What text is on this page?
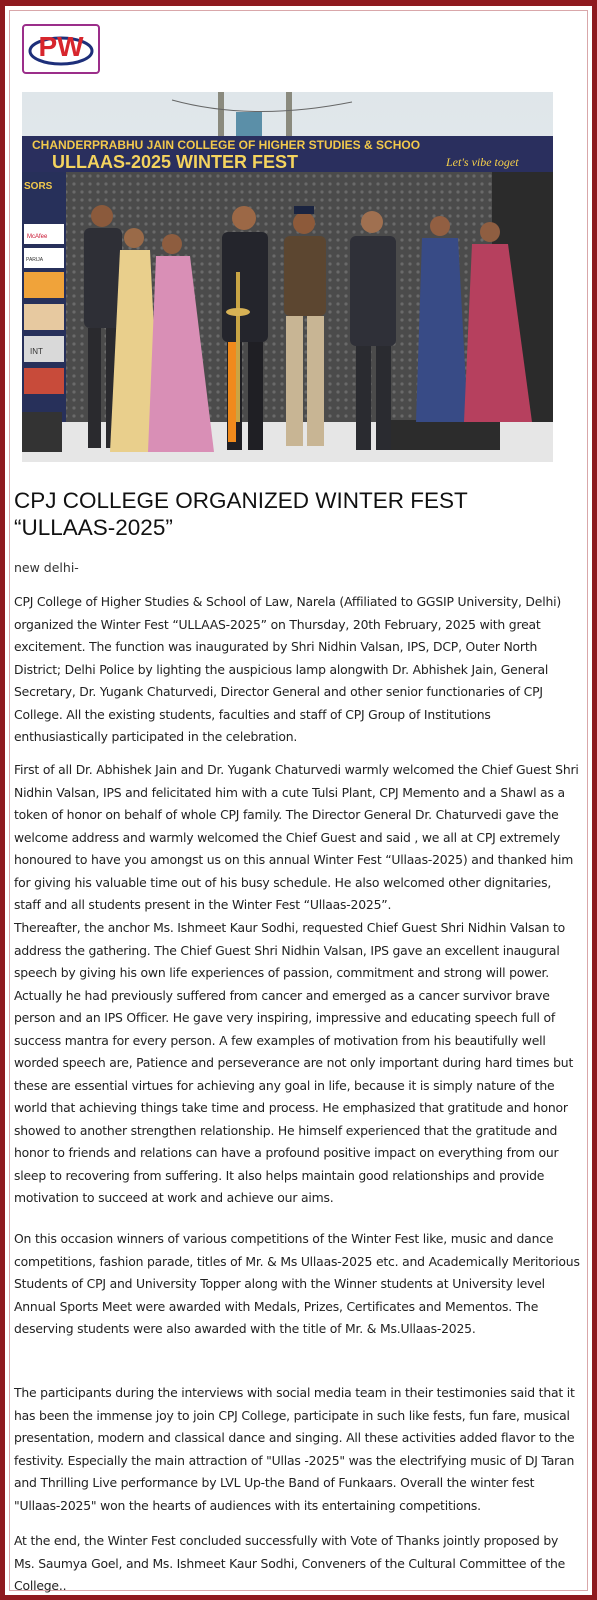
PW
CHANDERPRABHU JAIN COLLEGE OF HIGHER STUDIES & SCHOO
ULLAAS-2025 WINTER FEST	Let's vibe toget
SORS
McAfee
PARIJA
INT
CPJ COLLEGE ORGANIZED WINTER FEST “ULLAAS-2025”
new delhi-

CPJ College of Higher Studies & School of Law, Narela (Affiliated to GGSIP University, Delhi) organized the Winter Fest “ULLAAS-2025” on Thursday, 20th February, 2025 with great excitement. The function was inaugurated by Shri Nidhin Valsan, IPS, DCP, Outer North District; Delhi Police by lighting the auspicious lamp alongwith Dr. Abhishek Jain, General Secretary, Dr. Yugank Chaturvedi, Director General and other senior functionaries of CPJ College. All the existing students, faculties and staff of CPJ Group of Institutions enthusiastically participated in the celebration.

First of all Dr. Abhishek Jain and Dr. Yugank Chaturvedi warmly welcomed the Chief Guest Shri Nidhin Valsan, IPS and felicitated him with a cute Tulsi Plant, CPJ Memento and a Shawl as a token of honor on behalf of whole CPJ family. The Director General Dr. Chaturvedi gave the welcome address and warmly welcomed the Chief Guest and said , we all at CPJ extremely honoured to have you amongst us on this annual Winter Fest “Ullaas-2025) and thanked him for giving his valuable time out of his busy schedule. He also welcomed other dignitaries, staff and all students present in the Winter Fest “Ullaas-2025”.

Thereafter, the anchor Ms. Ishmeet Kaur Sodhi, requested Chief Guest Shri Nidhin Valsan to address the gathering. The Chief Guest Shri Nidhin Valsan, IPS gave an excellent inaugural speech by giving his own life experiences of passion, commitment and strong will power. Actually he had previously suffered from cancer and emerged as a cancer survivor brave person and an IPS Officer. He gave very inspiring, impressive and educating speech full of success mantra for every person. A few examples of motivation from his beautifully well worded speech are, Patience and perseverance are not only important during hard times but these are essential virtues for achieving any goal in life, because it is simply nature of the world that achieving things take time and process. He emphasized that gratitude and honor showed to another strengthen relationship. He himself experienced that the gratitude and honor to friends and relations can have a profound positive impact on everything from our sleep to recovering from suffering. It also helps maintain good relationships and provide motivation to succeed at work and achieve our aims.

On this occasion winners of various competitions of the Winter Fest like, music and dance competitions, fashion parade, titles of Mr. & Ms Ullaas-2025 etc. and Academically Meritorious Students of CPJ and University Topper along with the Winner students at University level Annual Sports Meet were awarded with Medals, Prizes, Certificates and Mementos. The deserving students were also awarded with the title of Mr. & Ms.Ullaas-2025.

The participants during the interviews with social media team in their testimonies said that it has been the immense joy to join CPJ College, participate in such like fests, fun fare, musical presentation, modern and classical dance and singing. All these activities added flavor to the festivity. Especially the main attraction of "Ullas -2025" was the electrifying music of DJ Taran and Thrilling Live performance by LVL Up-the Band of Funkaars. Overall the winter fest "Ullaas-2025" won the hearts of audiences with its entertaining competitions.

At the end, the Winter Fest concluded successfully with Vote of Thanks jointly proposed by Ms. Saumya Goel, and Ms. Ishmeet Kaur Sodhi, Conveners of the Cultural Committee of the College..
